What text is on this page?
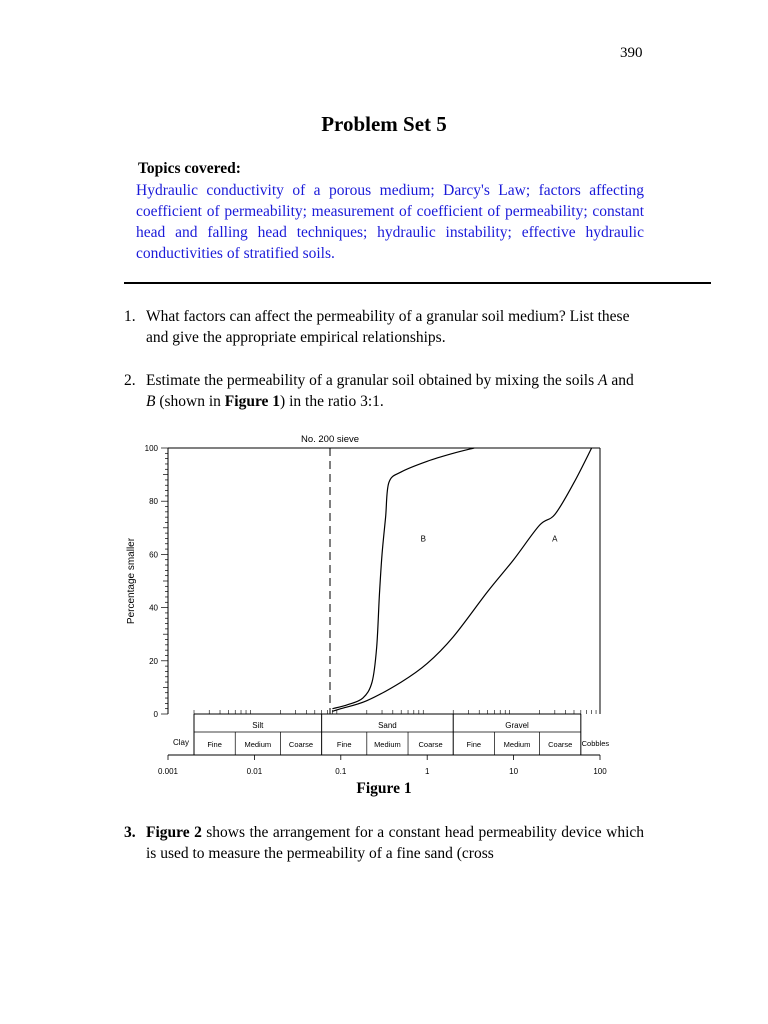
390
Problem Set 5
Topics covered:
Hydraulic conductivity of a porous medium; Darcy's Law; factors affecting coefficient of permeability; measurement of coefficient of permeability; constant head and falling head techniques; hydraulic instability; effective hydraulic conductivities of stratified soils.
1. What factors can affect the permeability of a granular soil medium? List these and give the appropriate empirical relationships.
2. Estimate the permeability of a granular soil obtained by mixing the soils A and B (shown in Figure 1) in the ratio 3:1.
0
20
40
60
80
100
Percentage smaller
Clay	Cobbles
Silt
Fine	Medium Coarse
Sand
Fine	Medium Coarse
Gravel
Fine	Medium Coarse
0.001	0.01	0.1	1	10	100
No. 200 sieve
A
B
Figure 1
3. Figure 2 shows the arrangement for a constant head permeability device which is used to measure the permeability of a fine sand (cross
